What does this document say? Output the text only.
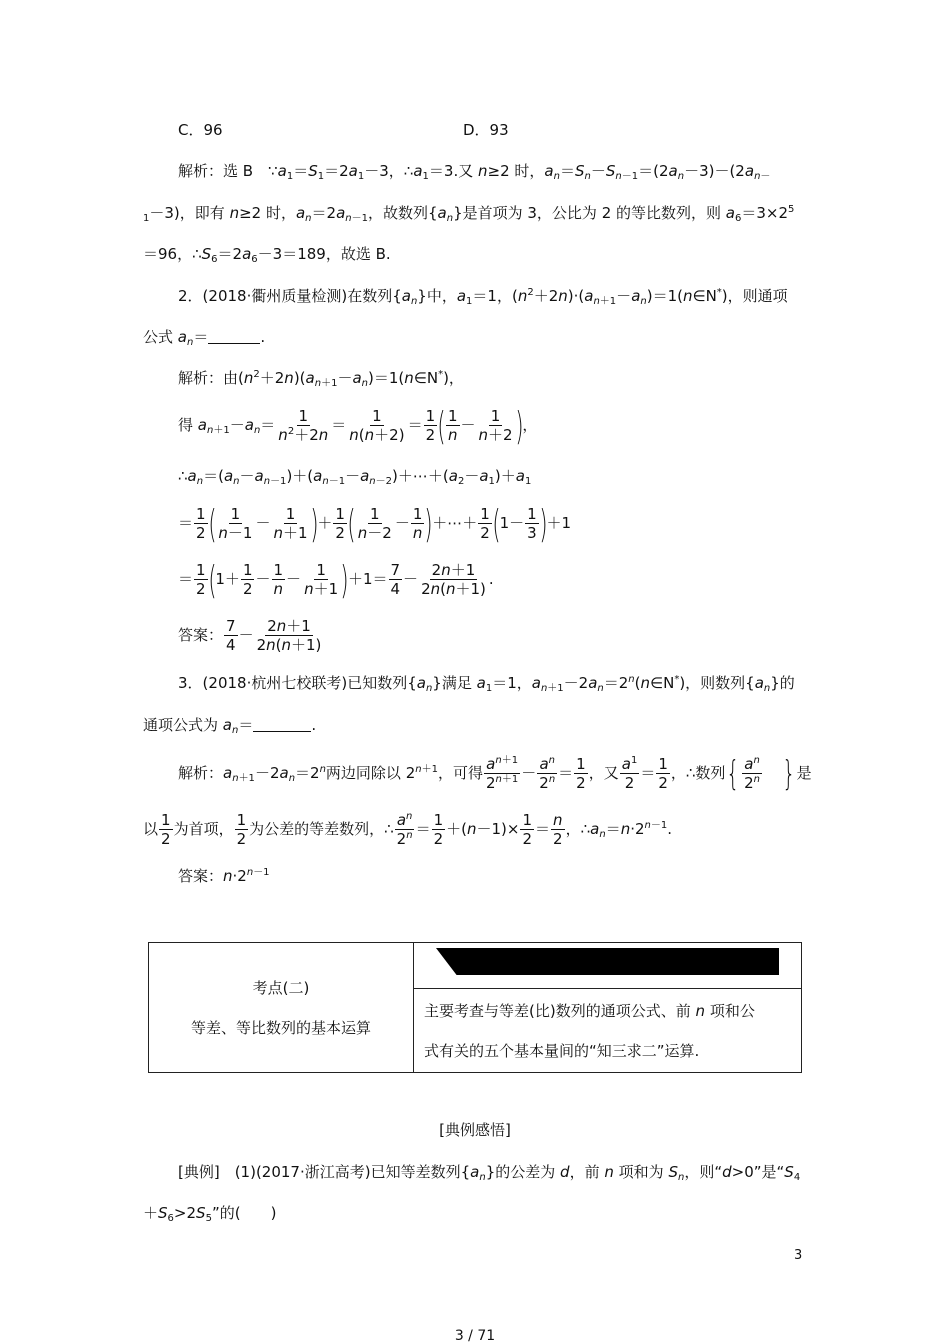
C．96	D．93
解析：选 B　$\because a_1=S_1=2a_1-3$，$\therefore a_1=3$.又 n≥2 时，$a_n=S_n-S_{n-1}=(2a_n-3)-(2a_{n-}$
$_1$－3)，即有 n≥2 时，$a_n=2a_{n-1}$，故数列$\{a_n\}$是首项为 3，公比为 2 的等比数列，则 $a_6=3\times 2^5$
＝96，$\therefore S_6=2a_6-3=189$，故选 B.
2．(2018·衢州质量检测)在数列$\{a_n\}$中，$a_1=1$，$(n^2+2n)\cdot(a_{n+1}-a_n)=1(n\in N^*)$，则通项
公式 $a_n=$	.
解析：由$(n^2+2n)(a_{n+1}-a_n)=1(n\in N^*)$，
得 $a_{n+1}-a_n= \frac{1}{n^2+2n} = \frac{1}{n(n+2)} = \frac{1}{2}$ ( $\frac{1}{n} - \frac{1}{n+2}$ )，
$\therefore a_n=(a_n-a_{n-1})+(a_{n-1}-a_{n-2})+\cdots+(a_2-a_1)+a_1$
＝ $\frac{1}{2}$ ( $\frac{1}{n-1} - \frac{1}{n+1}$ )＋ $\frac{1}{2}$ ( $\frac{1}{n-2} - \frac{1}{n}$ )＋⋯＋ $\frac{1}{2} (1- \frac{1}{3} )+1$
＝ $\frac{1}{2} (1+ \frac{1}{2} - \frac{1}{n} - \frac{1}{n+1} )+1= \frac{7}{4} - \frac{2n+1}{2n(n+1)}$ .
答案： $\frac{7}{4} - \frac{2n+1}{2n(n+1)}$
3．(2018·杭州七校联考)已知数列$\{a_n\}$满足 $a_1=1$，$a_{n+1}-2a_n=2^n(n\in N^*)$，则数列$\{a_n\}$的
通项公式为 $a_n=$	.
解析：$a_{n+1}-2a_n=2^n$两边同除以 $2^{n+1}$，可得 $\frac{a^{n+1}}{2^{n+1}} - \frac{a^n}{2^n} = \frac{1}{2}$ ，又 $\frac{a^1}{2} = \frac{1}{2}$ ，∴数列{ $\frac{a^n}{2^n}$ }是
以 $\frac{1}{2}$ 为首项， $\frac{1}{2}$ 为公差的等差数列，∴ $\frac{a^n}{2^n} = \frac{1}{2} +(n-1)\times \frac{1}{2} = \frac{n}{2}$ ，$\therefore a_n=n\cdot 2^{n-1}$.
答案：$n\cdot 2^{n-1}$
考点(二)
等差、等比数列的基本运算

主要考查与等差(比)数列的通项公式、前 n 项和公
式有关的五个基本量间的“知三求二”运算.
[典例感悟]
[典例]　(1)(2017·浙江高考)已知等差数列$\{a_n\}$的公差为 d，前 n 项和为 $S_n$，则“d>0”是“$S_4$
$+S_6>2S_5$”的(　　)
3
3 / 71
